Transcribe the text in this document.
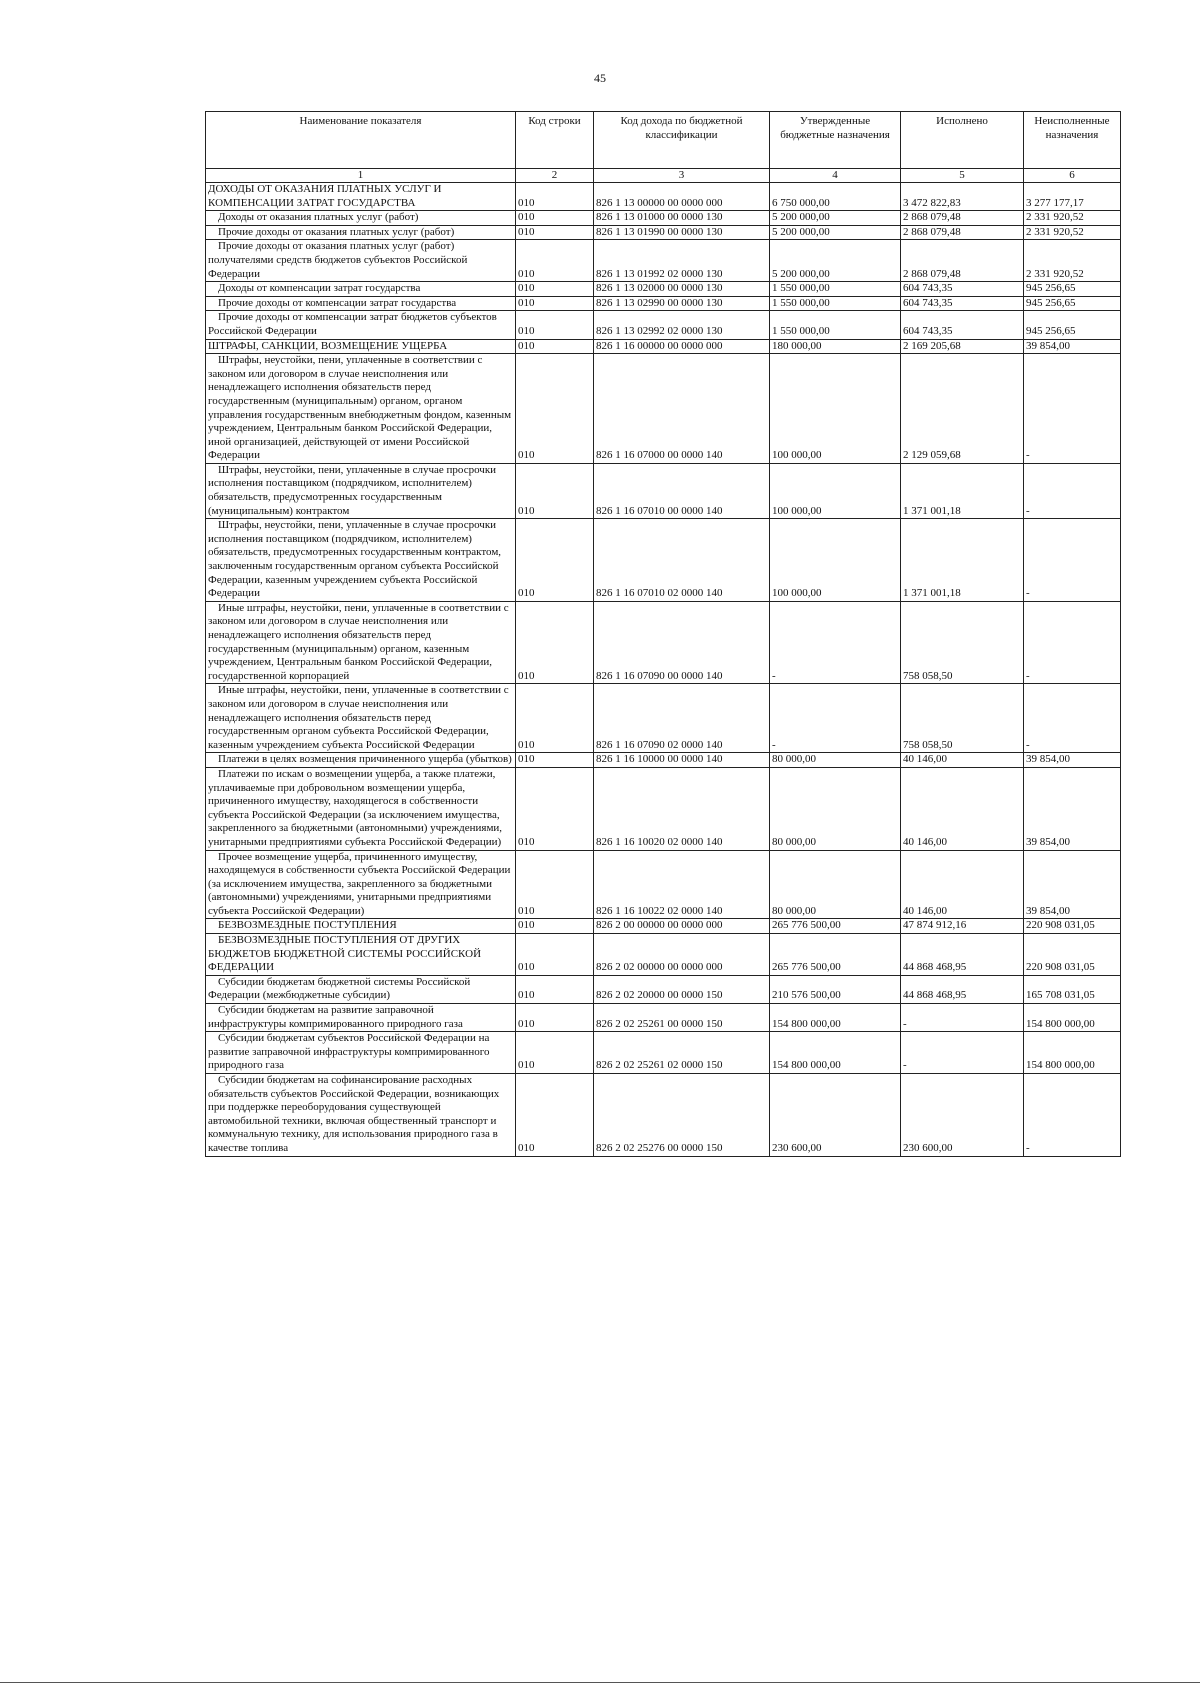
45
Наименование показателя	Код строки	Код дохода по бюджетной классификации	Утвержденные бюджетные назначения	Исполнено	Неисполненные назначения
1	2	3	4	5	6
ДОХОДЫ ОТ ОКАЗАНИЯ ПЛАТНЫХ УСЛУГ И КОМПЕНСАЦИИ ЗАТРАТ ГОСУДАРСТВА	010	826 1 13 00000 00 0000 000	6 750 000,00	3 472 822,83	3 277 177,17
Доходы от оказания платных услуг (работ)	010	826 1 13 01000 00 0000 130	5 200 000,00	2 868 079,48	2 331 920,52
Прочие доходы от оказания платных услуг (работ)	010	826 1 13 01990 00 0000 130	5 200 000,00	2 868 079,48	2 331 920,52
Прочие доходы от оказания платных услуг (работ) получателями средств бюджетов субъектов Российской Федерации	010	826 1 13 01992 02 0000 130	5 200 000,00	2 868 079,48	2 331 920,52
Доходы от компенсации затрат государства	010	826 1 13 02000 00 0000 130	1 550 000,00	604 743,35	945 256,65
Прочие доходы от компенсации затрат государства	010	826 1 13 02990 00 0000 130	1 550 000,00	604 743,35	945 256,65
Прочие доходы от компенсации затрат бюджетов субъектов Российской Федерации	010	826 1 13 02992 02 0000 130	1 550 000,00	604 743,35	945 256,65
ШТРАФЫ, САНКЦИИ, ВОЗМЕЩЕНИЕ УЩЕРБА	010	826 1 16 00000 00 0000 000	180 000,00	2 169 205,68	39 854,00
Штрафы, неустойки, пени, уплаченные в соответствии с законом или договором в случае неисполнения или ненадлежащего исполнения обязательств перед государственным (муниципальным) органом, органом управления государственным внебюджетным фондом, казенным учреждением, Центральным банком Российской Федерации, иной организацией, действующей от имени Российской Федерации	010	826 1 16 07000 00 0000 140	100 000,00	2 129 059,68	-
Штрафы, неустойки, пени, уплаченные в случае просрочки исполнения поставщиком (подрядчиком, исполнителем) обязательств, предусмотренных государственным (муниципальным) контрактом	010	826 1 16 07010 00 0000 140	100 000,00	1 371 001,18	-
Штрафы, неустойки, пени, уплаченные в случае просрочки исполнения поставщиком (подрядчиком, исполнителем) обязательств, предусмотренных государственным контрактом, заключенным государственным органом субъекта Российской Федерации, казенным учреждением субъекта Российской Федерации	010	826 1 16 07010 02 0000 140	100 000,00	1 371 001,18	-
Иные штрафы, неустойки, пени, уплаченные в соответствии с законом или договором в случае неисполнения или ненадлежащего исполнения обязательств перед государственным (муниципальным) органом, казенным учреждением, Центральным банком Российской Федерации, государственной корпорацией	010	826 1 16 07090 00 0000 140	-	758 058,50	-
Иные штрафы, неустойки, пени, уплаченные в соответствии с законом или договором в случае неисполнения или ненадлежащего исполнения обязательств перед государственным органом субъекта Российской Федерации, казенным учреждением субъекта Российской Федерации	010	826 1 16 07090 02 0000 140	-	758 058,50	-
Платежи в целях возмещения причиненного ущерба (убытков)	010	826 1 16 10000 00 0000 140	80 000,00	40 146,00	39 854,00
Платежи по искам о возмещении ущерба, а также платежи, уплачиваемые при добровольном возмещении ущерба, причиненного имуществу, находящегося в собственности субъекта Российской Федерации (за исключением имущества, закрепленного за бюджетными (автономными) учреждениями, унитарными предприятиями субъекта Российской Федерации)	010	826 1 16 10020 02 0000 140	80 000,00	40 146,00	39 854,00
Прочее возмещение ущерба, причиненного имуществу, находящемуся в собственности субъекта Российской Федерации (за исключением имущества, закрепленного за бюджетными (автономными) учреждениями, унитарными предприятиями субъекта Российской Федерации)	010	826 1 16 10022 02 0000 140	80 000,00	40 146,00	39 854,00
БЕЗВОЗМЕЗДНЫЕ ПОСТУПЛЕНИЯ	010	826 2 00 00000 00 0000 000	265 776 500,00	47 874 912,16	220 908 031,05
БЕЗВОЗМЕЗДНЫЕ ПОСТУПЛЕНИЯ ОТ ДРУГИХ БЮДЖЕТОВ БЮДЖЕТНОЙ СИСТЕМЫ РОССИЙСКОЙ ФЕДЕРАЦИИ	010	826 2 02 00000 00 0000 000	265 776 500,00	44 868 468,95	220 908 031,05
Субсидии бюджетам бюджетной системы Российской Федерации (межбюджетные субсидии)	010	826 2 02 20000 00 0000 150	210 576 500,00	44 868 468,95	165 708 031,05
Субсидии бюджетам на развитие заправочной инфраструктуры компримированного природного газа	010	826 2 02 25261 00 0000 150	154 800 000,00	-	154 800 000,00
Субсидии бюджетам субъектов Российской Федерации на развитие заправочной инфраструктуры компримированного природного газа	010	826 2 02 25261 02 0000 150	154 800 000,00	-	154 800 000,00
Субсидии бюджетам на софинансирование расходных обязательств субъектов Российской Федерации, возникающих при поддержке переоборудования существующей автомобильной техники, включая общественный транспорт и коммунальную технику, для использования природного газа в качестве топлива	010	826 2 02 25276 00 0000 150	230 600,00	230 600,00	-
